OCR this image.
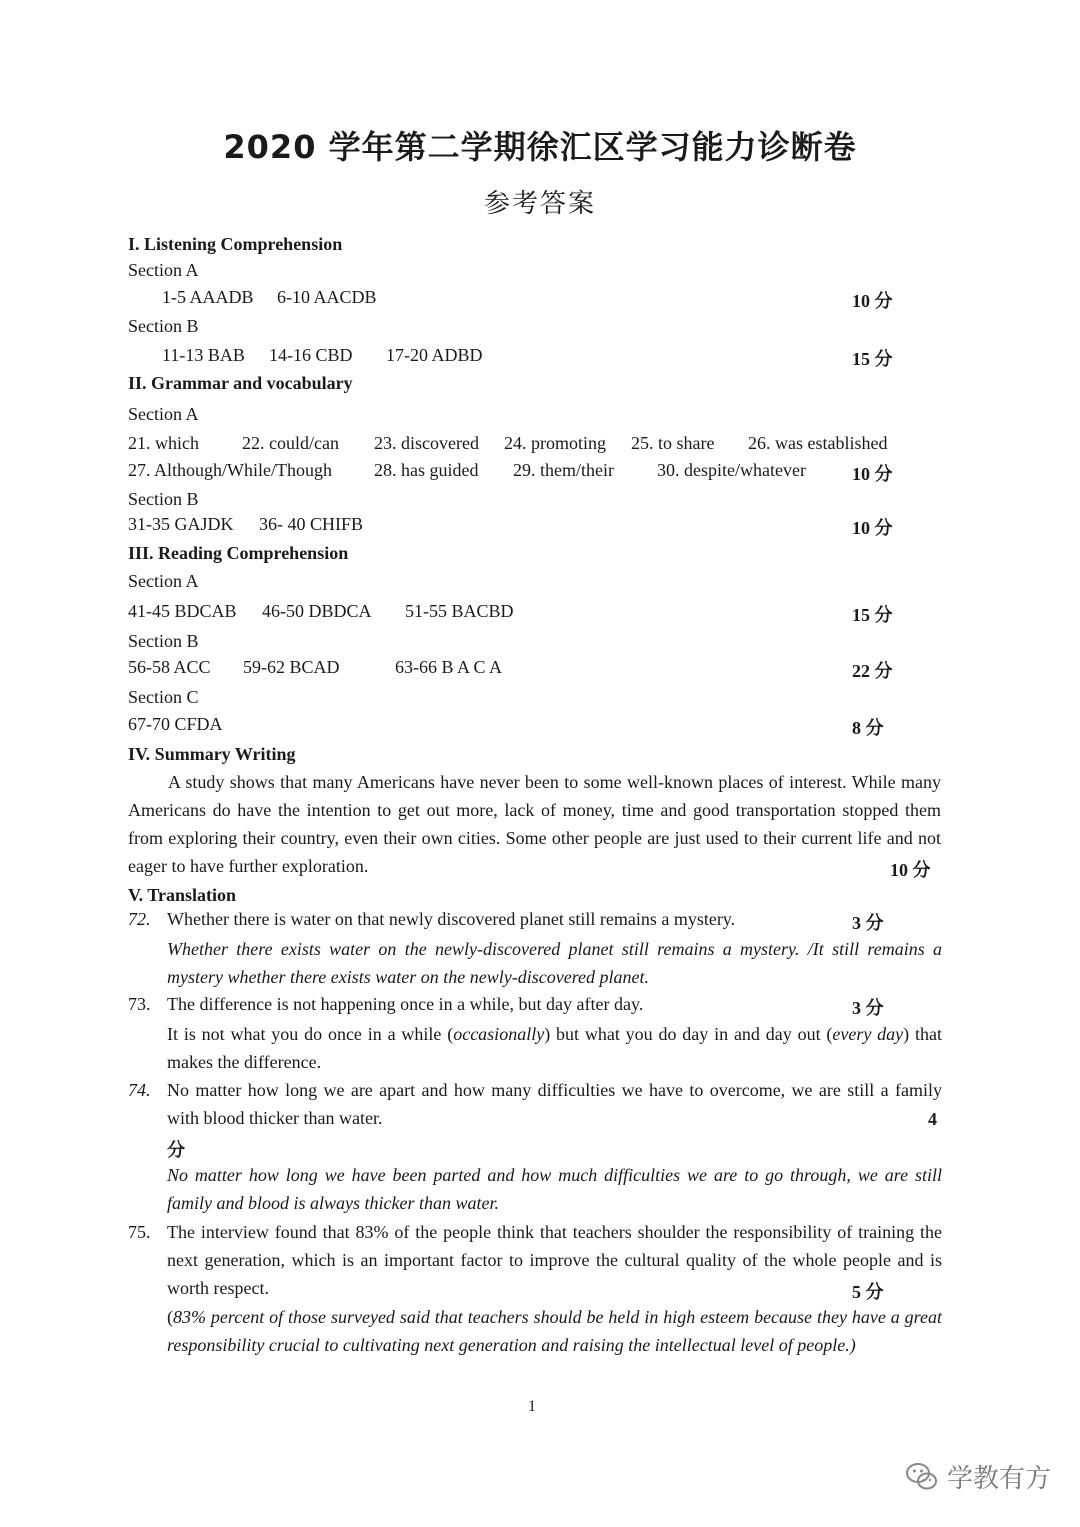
2020 学年第二学期徐汇区学习能力诊断卷
参考答案
I. Listening Comprehension
Section A
1-5 AAADB 6-10 AACDB	10 分
Section B
11-13 BAB 14-16 CBD 17-20 ADBD	15 分
II. Grammar and vocabulary
Section A
21. which 22. could/can 23. discovered 24. promoting 25. to share 26. was established
27. Although/While/Though 28. has guided 29. them/their 30. despite/whatever	10 分
Section B
31-35 GAJDK 36- 40 CHIFB	10 分
III. Reading Comprehension
Section A
41-45 BDCAB 46-50 DBDCA 51-55 BACBD	15 分
Section B
56-58 ACC 59-62 BCAD	63-66 B A C A	22 分
Section C
67-70 CFDA	8 分
IV. Summary Writing
A study shows that many Americans have never been to some well-known places of interest. While many Americans do have the intention to get out more, lack of money, time and good transportation stopped them from exploring their country, even their own cities. Some other people are just used to their current life and not eager to have further exploration.	10 分
V. Translation
72. Whether there is water on that newly discovered planet still remains a mystery.	3 分
Whether there exists water on the newly-discovered planet still remains a mystery. /It still remains a mystery whether there exists water on the newly-discovered planet.
73. The difference is not happening once in a while, but day after day.	3 分
It is not what you do once in a while (occasionally) but what you do day in and day out (every day) that makes the difference.
74. No matter how long we are apart and how many difficulties we have to overcome, we are still a family with blood thicker than water.	4
分
No matter how long we have been parted and how much difficulties we are to go through, we are still family and blood is always thicker than water.
75. The interview found that 83% of the people think that teachers shoulder the responsibility of training the next generation, which is an important factor to improve the cultural quality of the whole people and is worth respect.	5 分
(83% percent of those surveyed said that teachers should be held in high esteem because they have a great responsibility crucial to cultivating next generation and raising the intellectual level of people.)
1
学教有方
